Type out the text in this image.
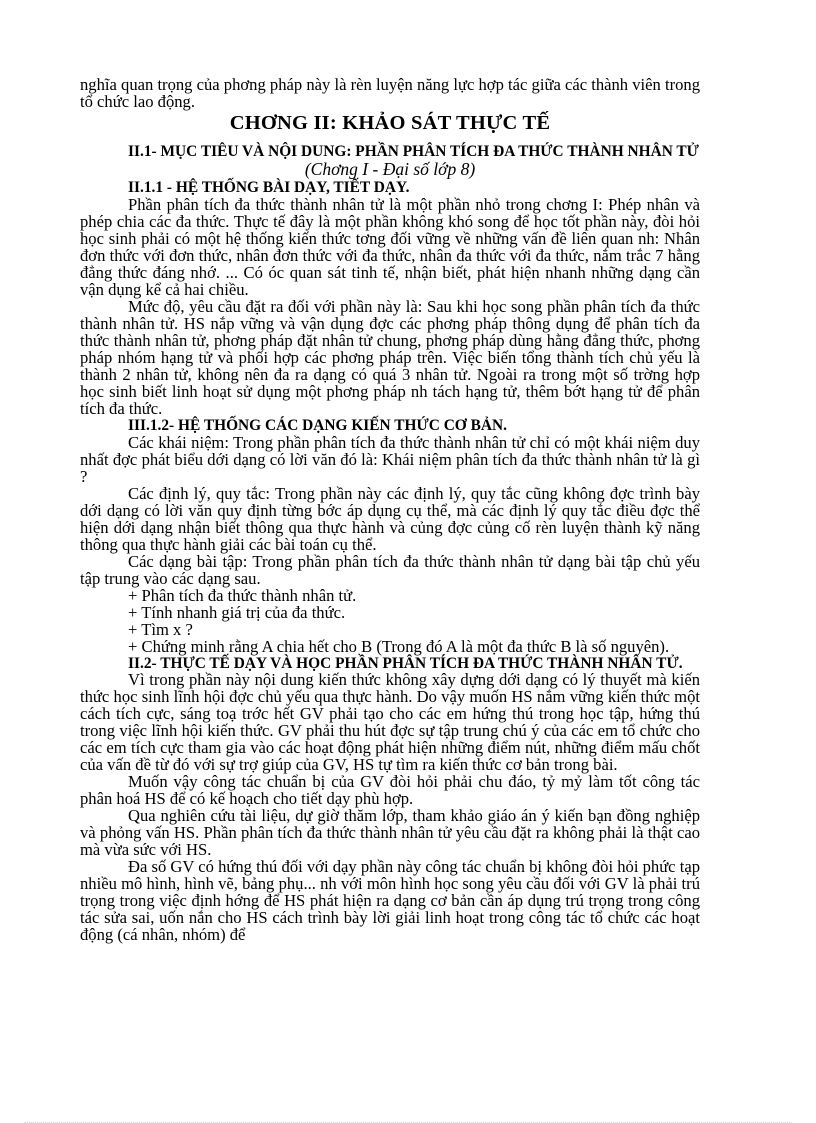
nghĩa quan trọng của phơng pháp này là rèn luyện năng lực hợp tác giữa các thành viên trong tổ chức lao động.

CHƠNG II: KHẢO SÁT THỰC TẾ
II.1- MỤC TIÊU VÀ NỘI DUNG: PHẦN PHÂN TÍCH ĐA THỨC THÀNH NHÂN TỬ
(Chơng I - Đại số lớp 8)
II.1.1 - HỆ THỐNG BÀI DẠY, TIẾT DẠY.

Phần phân tích đa thức thành nhân tử là một phần nhỏ trong chơng I: Phép nhân và phép chia các đa thức. Thực tế đây là một phần không khó song để học tốt phần này, đòi hỏi học sinh phải có một hệ thống kiến thức tơng đối vững về những vấn đề liên quan nh: Nhân đơn thức với đơn thức, nhân đơn thức với đa thức, nhân đa thức với đa thức, nắm trắc 7 hằng đẳng thức đáng nhớ. ... Có óc quan sát tinh tế, nhận biết, phát hiện nhanh những dạng cần vận dụng kể cả hai chiều.

Mức độ, yêu cầu đặt ra đối với phần này là: Sau khi học song phần phân tích đa thức thành nhân tử. HS nắp vững và vận dụng đợc các phơng pháp thông dụng để phân tích đa thức thành nhân tử, phơng pháp đặt nhân tử chung, phơng pháp dùng hằng đẳng thức, phơng pháp nhóm hạng tử và phối hợp các phơng pháp trên. Việc biến tổng thành tích chủ yếu là thành 2 nhân tử, không nên đa ra dạng có quá 3 nhân tử. Ngoài ra trong một số trờng hợp học sinh biết linh hoạt sử dụng một phơng pháp nh tách hạng tử, thêm bớt hạng tử để phân tích đa thức.

III.1.2- HỆ THỐNG CÁC DẠNG KIẾN THỨC CƠ BẢN.

Các khái niệm: Trong phần phân tích đa thức thành nhân tử chỉ có một khái niệm duy nhất đợc phát biểu dới dạng có lời văn đó là: Khái niệm phân tích đa thức thành nhân tử là gì ?

Các định lý, quy tắc: Trong phần này các định lý, quy tắc cũng không đợc trình bày dới dạng có lời văn quy định từng bớc áp dụng cụ thể, mà các định lý quy tắc điều đợc thể hiện dới dạng nhận biết thông qua thực hành và củng đợc củng cố rèn luyện thành kỹ năng thông qua thực hành giải các bài toán cụ thể.

Các dạng bài tập: Trong phần phân tích đa thức thành nhân tử dạng bài tập chủ yếu tập trung vào các dạng sau.

+ Phân tích đa thức thành nhân tử.

+ Tính nhanh giá trị của đa thức.

+ Tìm x ?

+ Chứng minh rằng A chia hết cho B (Trong đó A là một đa thức B là số nguyên).

II.2- THỰC TẾ DẠY VÀ HỌC PHẦN PHÂN TÍCH ĐA THỨC THÀNH NHÂN TỬ.

Vì trong phần này nội dung kiến thức không xây dựng dới dạng có lý thuyết mà kiến thức học sinh lĩnh hội đợc chủ yếu qua thực hành. Do vậy muốn HS nắm vững kiến thức một cách tích cực, sáng toạ trớc hết GV phải tạo cho các em hứng thú trong học tập, hứng thú trong việc lĩnh hội kiến thức. GV phải thu hút đợc sự tập trung chú ý của các em tổ chức cho các em tích cực tham gia vào các hoạt động phát hiện những điểm nút, những điểm mấu chốt của vấn đề từ đó với sự trợ giúp của GV, HS tự tìm ra kiến thức cơ bản trong bài.

Muốn vậy công tác chuẩn bị của GV đòi hỏi phải chu đáo, tỷ mỷ làm tốt công tác phân hoá HS để có kế hoạch cho tiết dạy phù hợp.

Qua nghiên cứu tài liệu, dự giờ thăm lớp, tham khảo giáo án ý kiến bạn đồng nghiệp và phỏng vấn HS. Phần phân tích đa thức thành nhân tử yêu cầu đặt ra không phải là thật cao mà vừa sức với HS.

Đa số GV có hứng thú đối với dạy phần này công tác chuẩn bị không đòi hỏi phức tạp nhiều mô hình, hình vẽ, bảng phụ... nh với môn hình học song yêu cầu đối với GV là phải trú trọng trong việc định hớng để HS phát hiện ra dạng cơ bản cần áp dụng trú trọng trong công tác sửa sai, uốn nắn cho HS cách trình bày lời giải linh hoạt trong công tác tổ chức các hoạt động (cá nhân, nhóm) để
